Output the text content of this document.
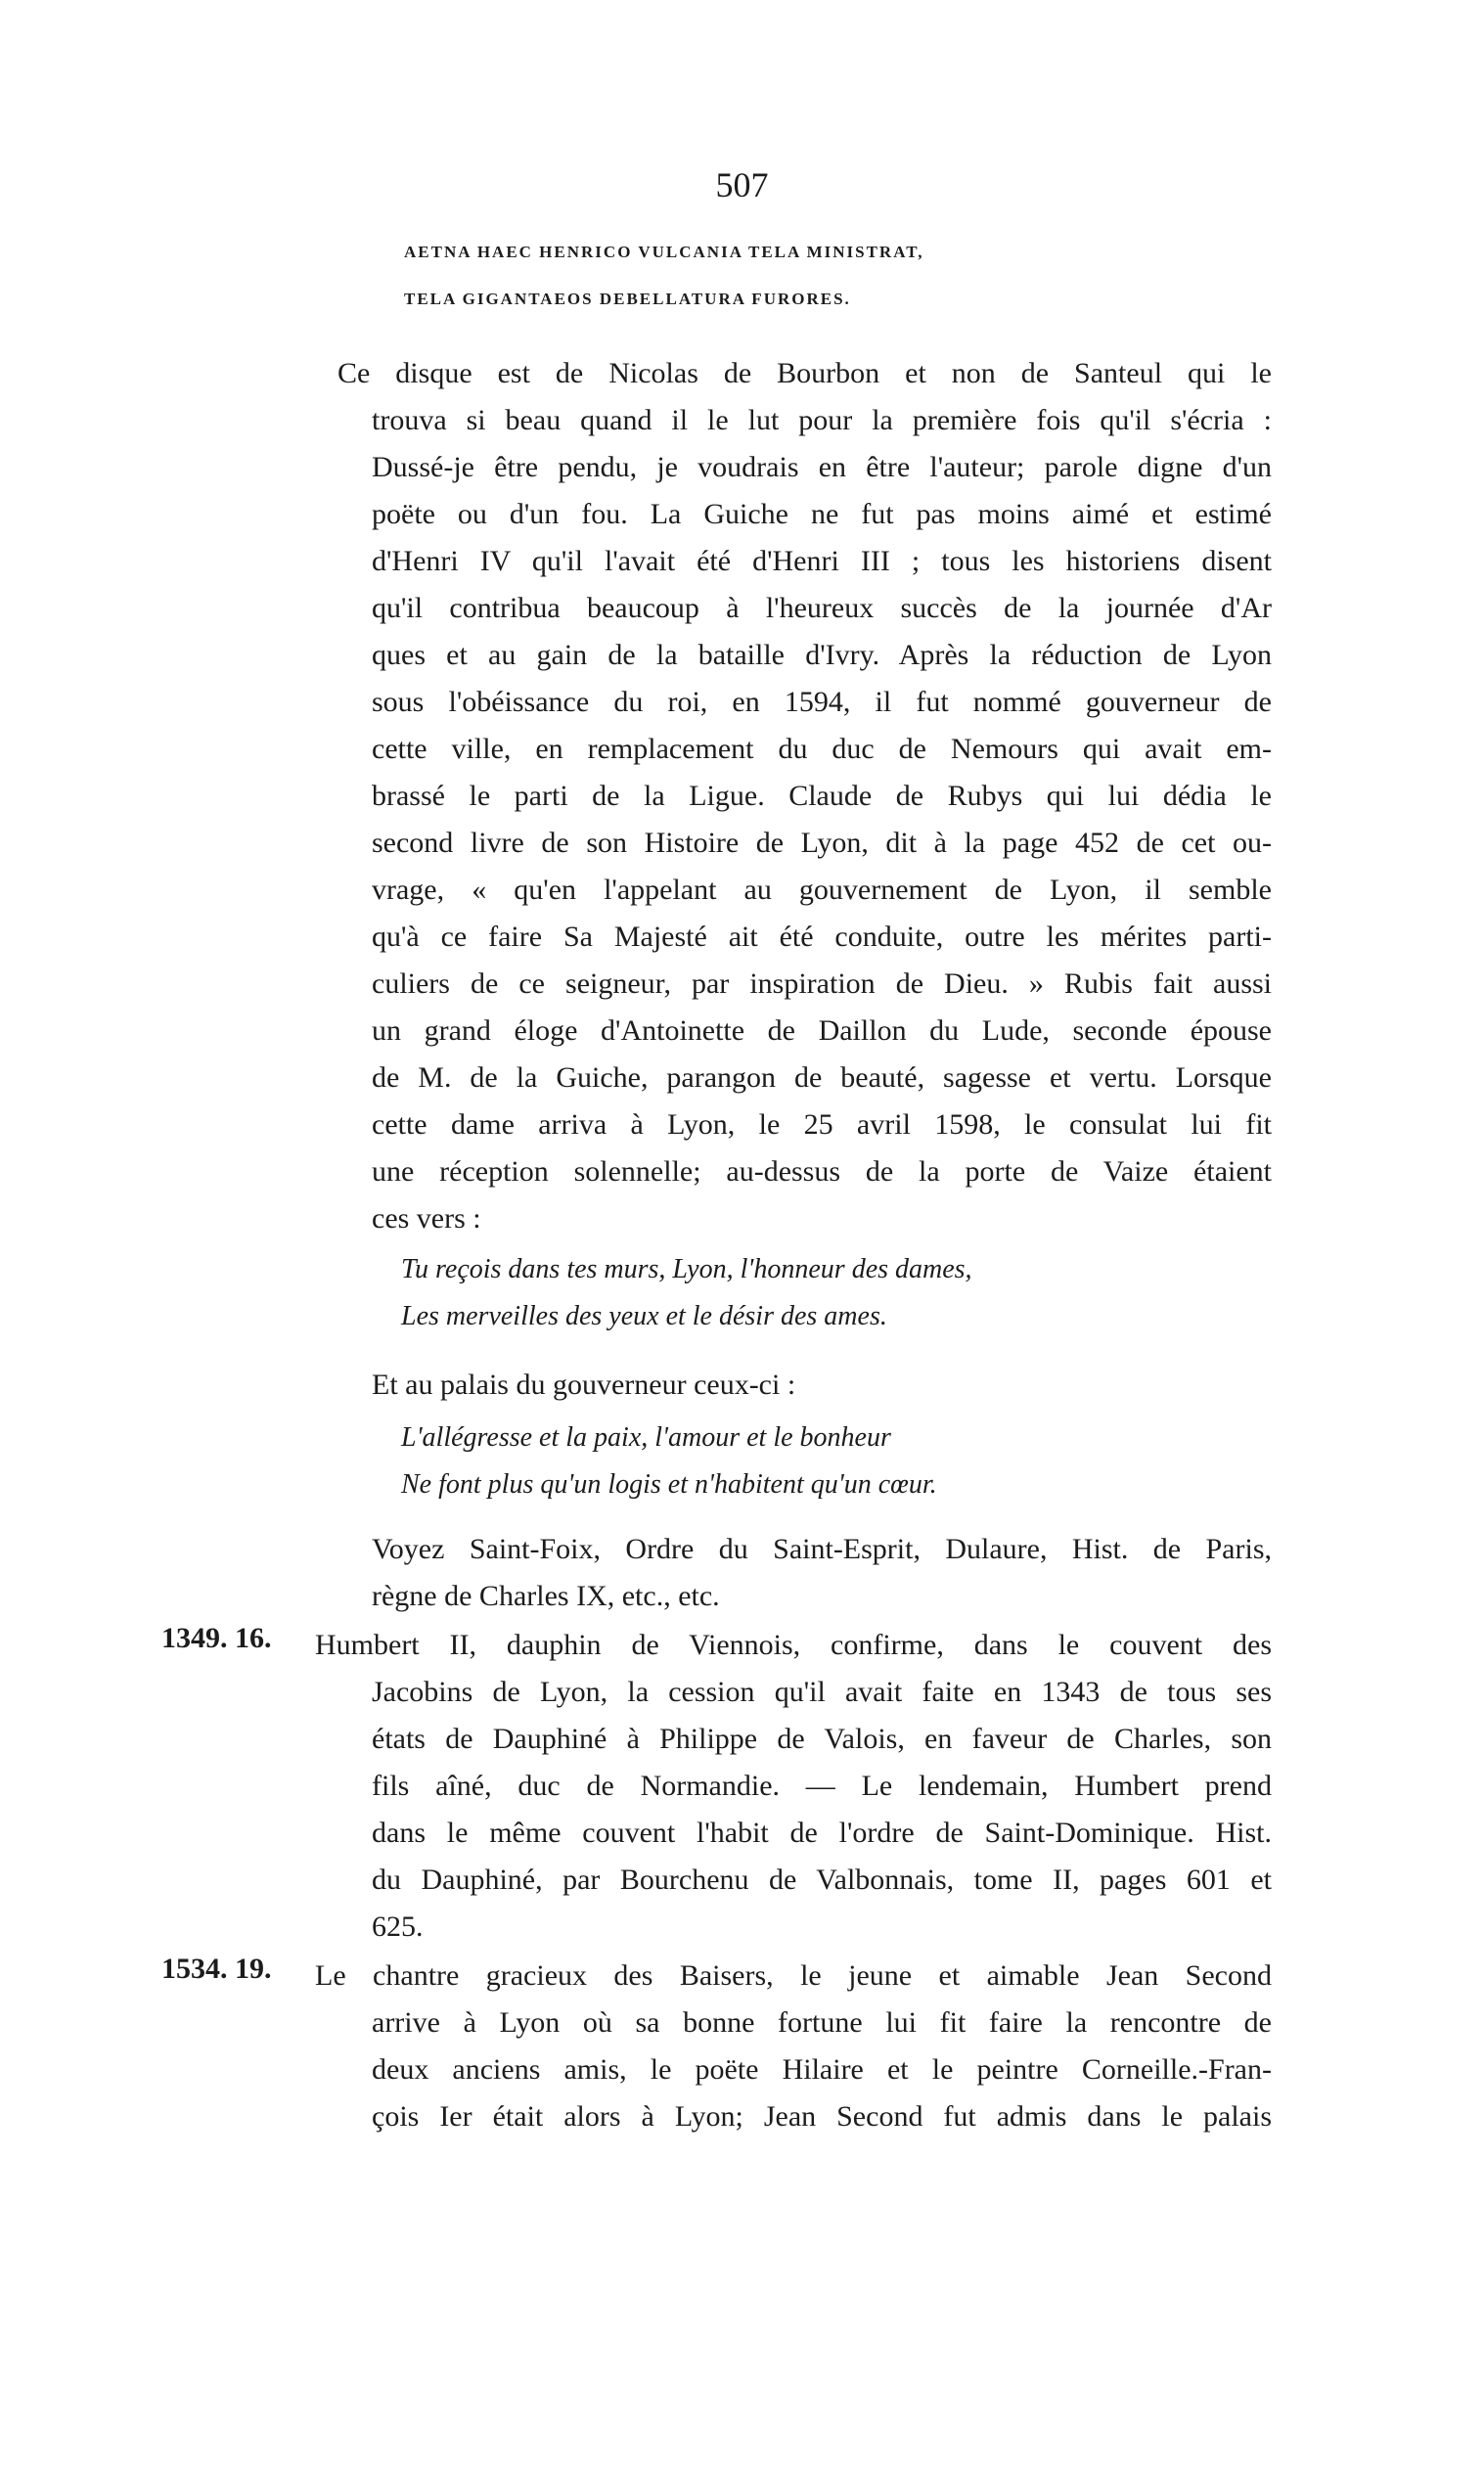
507
AETNA HAEC HENRICO VULCANIA TELA MINISTRAT,
TELA GIGANTAEOS DEBELLATURA FURORES.
Ce disque est de Nicolas de Bourbon et non de Santeul qui le
trouva si beau quand il le lut pour la première fois qu'il s'écria :
Dussé-je être pendu, je voudrais en être l'auteur; parole digne d'un
poëte ou d'un fou. La Guiche ne fut pas moins aimé et estimé
d'Henri IV qu'il l'avait été d'Henri III ; tous les historiens disent
qu'il contribua beaucoup à l'heureux succès de la journée d'Ar
ques et au gain de la bataille d'Ivry. Après la réduction de Lyon
sous l'obéissance du roi, en 1594, il fut nommé gouverneur de
cette ville, en remplacement du duc de Nemours qui avait em-
brassé le parti de la Ligue. Claude de Rubys qui lui dédia le
second livre de son Histoire de Lyon, dit à la page 452 de cet ou-
vrage, « qu'en l'appelant au gouvernement de Lyon, il semble
qu'à ce faire Sa Majesté ait été conduite, outre les mérites parti-
culiers de ce seigneur, par inspiration de Dieu. » Rubis fait aussi
un grand éloge d'Antoinette de Daillon du Lude, seconde épouse
de M. de la Guiche, parangon de beauté, sagesse et vertu. Lorsque
cette dame arriva à Lyon, le 25 avril 1598, le consulat lui fit
une réception solennelle; au-dessus de la porte de Vaize étaient
ces vers :
Tu reçois dans tes murs, Lyon, l'honneur des dames,
Les merveilles des yeux et le désir des ames.
Et au palais du gouverneur ceux-ci :
L'allégresse et la paix, l'amour et le bonheur
Ne font plus qu'un logis et n'habitent qu'un cœur.
Voyez Saint-Foix, Ordre du Saint-Esprit, Dulaure, Hist. de Paris,
règne de Charles IX, etc., etc.
1349. 16. Humbert II, dauphin de Viennois, confirme, dans le couvent des
Jacobins de Lyon, la cession qu'il avait faite en 1343 de tous ses
états de Dauphiné à Philippe de Valois, en faveur de Charles, son
fils aîné, duc de Normandie. — Le lendemain, Humbert prend
dans le même couvent l'habit de l'ordre de Saint-Dominique. Hist.
du Dauphiné, par Bourchenu de Valbonnais, tome II, pages 601 et
625.
1534. 19. Le chantre gracieux des Baisers, le jeune et aimable Jean Second
arrive à Lyon où sa bonne fortune lui fit faire la rencontre de
deux anciens amis, le poëte Hilaire et le peintre Corneille.-Fran-
çois Ier était alors à Lyon; Jean Second fut admis dans le palais
